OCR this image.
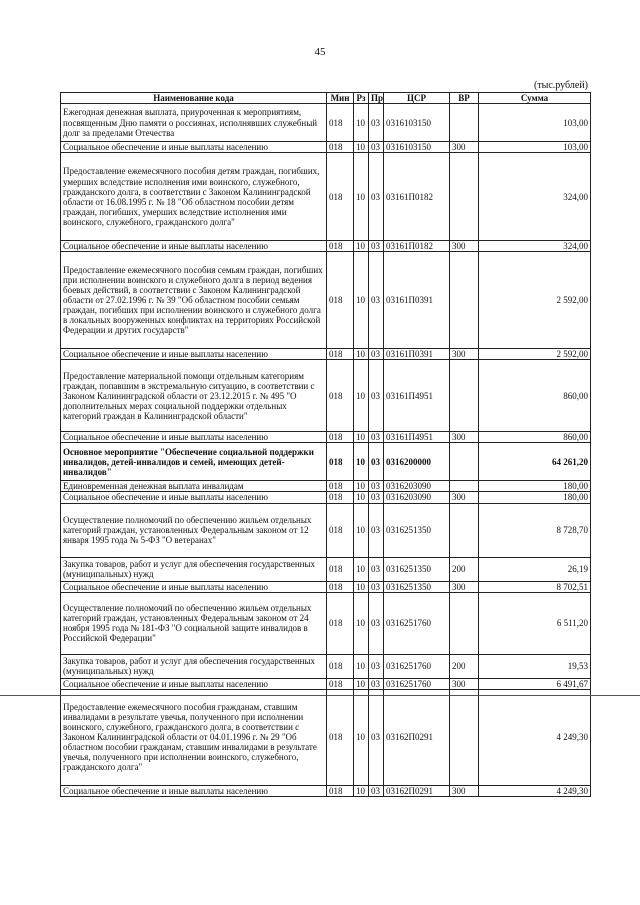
45
(тыс.рублей)
Наименование кода	Мин	Рз	Пр	ЦСР	ВР	Сумма
Ежегодная денежная выплата, приуроченная к мероприятиям, посвященным Дню памяти о россиянах, исполнявших служебный долг за пределами Отечества	018	10	03	0316103150		103,00
Социальное обеспечение и иные выплаты населению	018	10	03	0316103150	300	103,00
Предоставление ежемесячного пособия детям граждан, погибших, умерших вследствие исполнения ими воинского, служебного, гражданского долга, в соответствии с Законом Калининградской области от 16.08.1995 г. № 18 "Об областном пособии детям граждан, погибших, умерших вследствие исполнения ими воинского, служебного, гражданского долга"	018	10	03	03161П0182		324,00
Социальное обеспечение и иные выплаты населению	018	10	03	03161П0182	300	324,00
Предоставление ежемесячного пособия семьям граждан, погибших при исполнении воинского и служебного долга в период ведения боевых действий, в соответствии с Законом Калининградской области от 27.02.1996 г. № 39 "Об областном пособии семьям граждан, погибших при исполнении воинского и служебного долга в локальных вооруженных конфликтах на территориях Российской Федерации и других государств"	018	10	03	03161П0391		2 592,00
Социальное обеспечение и иные выплаты населению	018	10	03	03161П0391	300	2 592,00
Предоставление материальной помощи отдельным категориям граждан, попавшим в экстремальную ситуацию, в соответствии с Законом Калининградской области от 23.12.2015 г. № 495 "О дополнительных мерах социальной поддержки отдельных категорий граждан в Калининградской области"	018	10	03	03161П4951		860,00
Социальное обеспечение и иные выплаты населению	018	10	03	03161П4951	300	860,00
Основное мероприятие "Обеспечение социальной поддержки инвалидов, детей-инвалидов и семей, имеющих детей-инвалидов"	018	10	03	0316200000		64 261,20
Единовременная денежная выплата инвалидам	018	10	03	0316203090		180,00
Социальное обеспечение и иные выплаты населению	018	10	03	0316203090	300	180,00
Осуществление полномочий по обеспечению жильем отдельных категорий граждан, установленных Федеральным законом от 12 января 1995 года № 5-ФЗ "О ветеранах"	018	10	03	0316251350		8 728,70
Закупка товаров, работ и услуг для обеспечения государственных (муниципальных) нужд	018	10	03	0316251350	200	26,19
Социальное обеспечение и иные выплаты населению	018	10	03	0316251350	300	8 702,51
Осуществление полномочий по обеспечению жильем отдельных категорий граждан, установленных Федеральным законом от 24 ноября 1995 года № 181-ФЗ "О социальной защите инвалидов в Российской Федерации"	018	10	03	0316251760		6 511,20
Закупка товаров, работ и услуг для обеспечения государственных (муниципальных) нужд	018	10	03	0316251760	200	19,53
Социальное обеспечение и иные выплаты населению	018	10	03	0316251760	300	6 491,67
Предоставление ежемесячного пособия гражданам, ставшим инвалидами в результате увечья, полученного при исполнении воинского, служебного, гражданского долга, в соответствии с Законом Калининградской области от 04.01.1996 г. № 29 "Об областном пособии гражданам, ставшим инвалидами в результате увечья, полученного при исполнении воинского, служебного, гражданского долга"	018	10	03	03162П0291		4 249,30
Социальное обеспечение и иные выплаты населению	018	10	03	03162П0291	300	4 249,30
